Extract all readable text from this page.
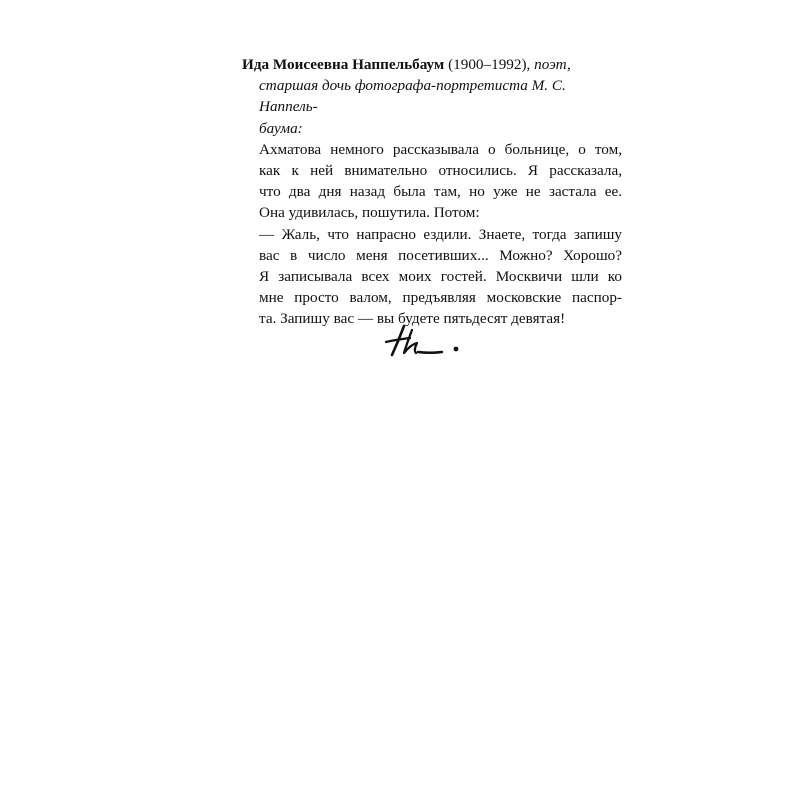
Ида Моисеевна Наппельбаум (1900–1992), поэт,
старшая дочь фотографа-портретиста М. С. Наппель-
баума:

Ахматова немного рассказывала о больнице, о том,
как к ней внимательно относились. Я рассказала,
что два дня назад была там, но уже не застала ее.
Она удивилась, пошутила. Потом:
— Жаль, что напрасно ездили. Знаете, тогда запишу
вас в число меня посетивших... Можно? Хорошо?
Я записывала всех моих гостей. Москвичи шли ко
мне просто валом, предъявляя московские паспор-
та. Запишу вас — вы будете пятьдесят девятая!
